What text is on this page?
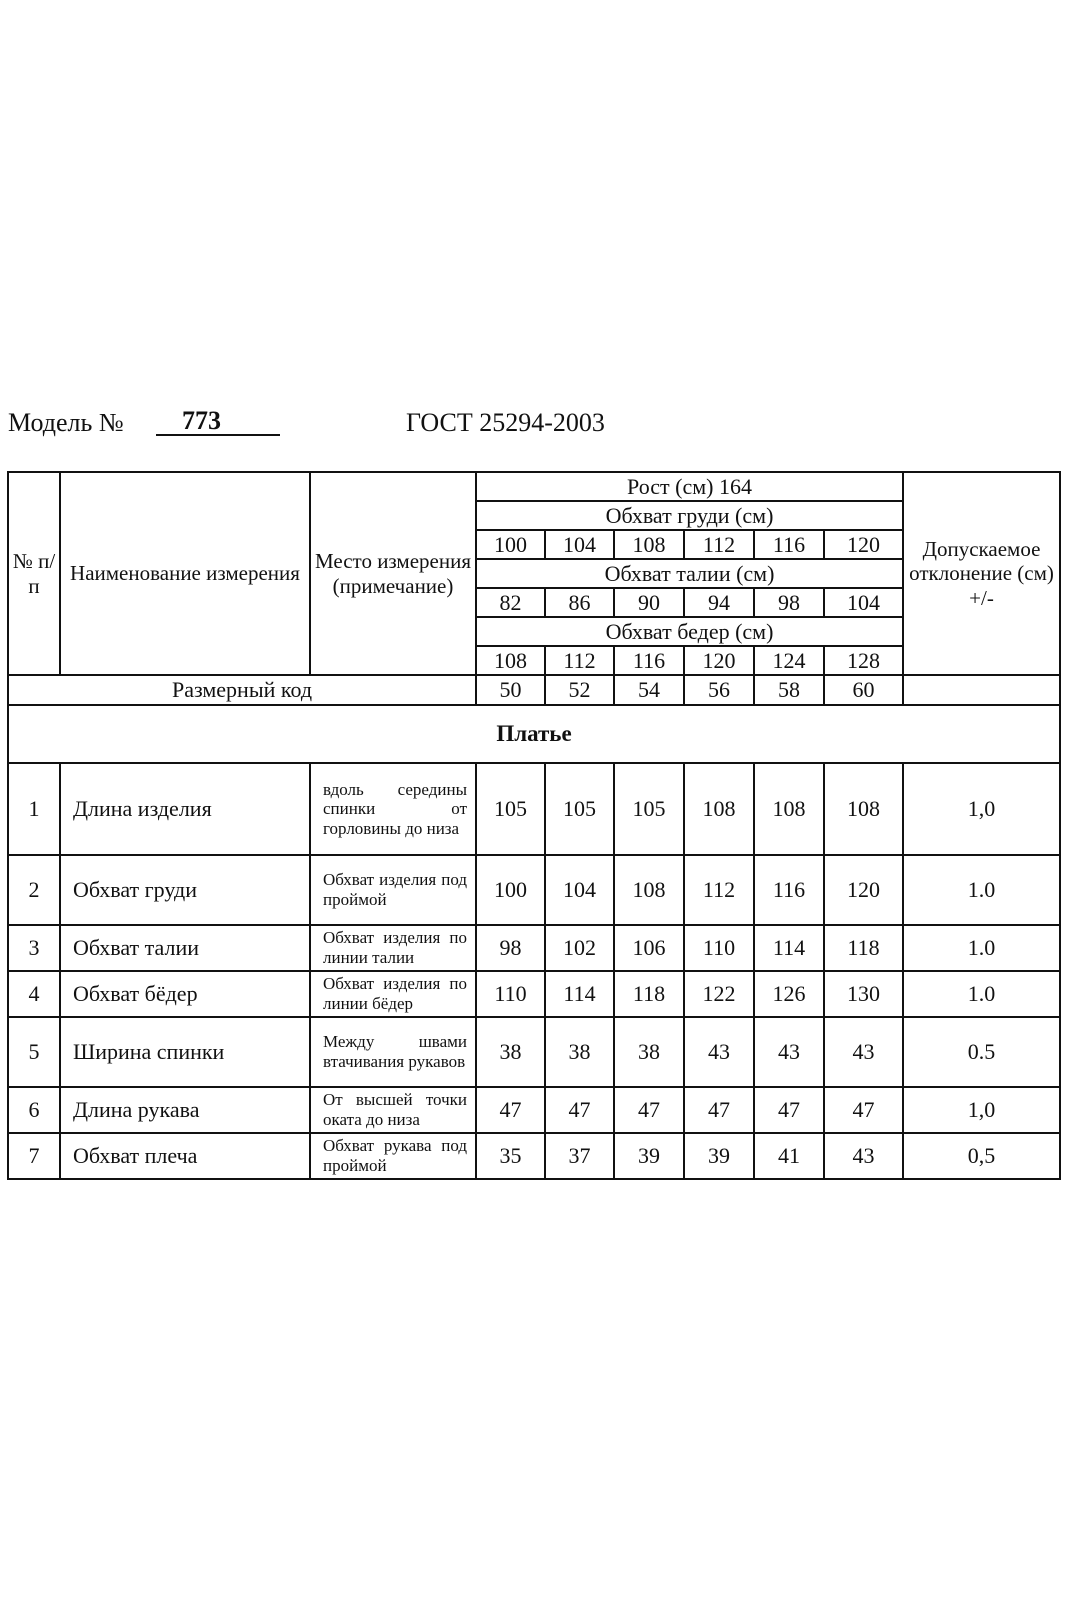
Модель №	773	ГОСТ 25294-2003
№ п/ п	Наименование измерения	Место измерения (примечание)	Рост (см) 164						Допускаемое отклонение (см) +/-
			Обхват груди (см)						
			100	104	108	112	116	120	
			Обхват талии (см)						
			82	86	90	94	98	104	
			Обхват бедер (см)						
			108	112	116	120	124	128	
Размерный код			50	52	54	56	58	60	
Платье									
1	Длина изделия	вдоль середины спинки от горловины до низа	105	105	105	108	108	108	1,0
2	Обхват груди	Обхват изделия под проймой	100	104	108	112	116	120	1.0
3	Обхват талии	Обхват изделия по линии талии	98	102	106	110	114	118	1.0
4	Обхват бёдер	Обхват изделия по линии бёдер	110	114	118	122	126	130	1.0
5	Ширина спинки	Между швами втачивания рукавов	38	38	38	43	43	43	0.5
6	Длина рукава	От высшей точки оката до низа	47	47	47	47	47	47	1,0
7	Обхват плеча	Обхват рукава под проймой	35	37	39	39	41	43	0,5
